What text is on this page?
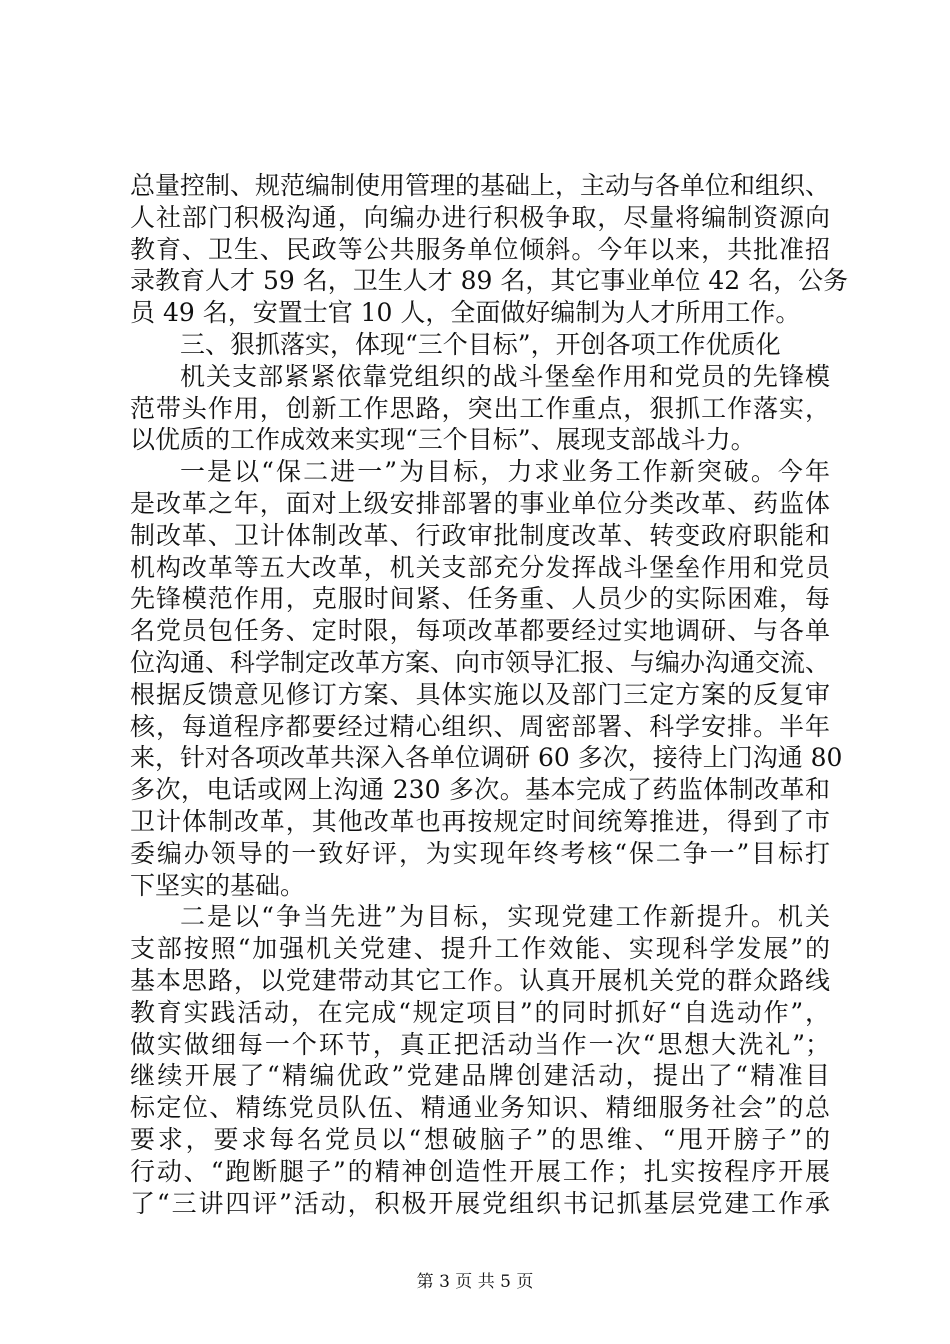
总量控制、规范编制使用管理的基础上，主动与各单位和组织、
人社部门积极沟通，向编办进行积极争取，尽量将编制资源向
教育、卫生、民政等公共服务单位倾斜。今年以来，共批准招
录教育人才 59 名，卫生人才 89 名，其它事业单位 42 名，公务
员 49 名，安置士官 10 人，全面做好编制为人才所用工作。
三、狠抓落实，体现“三个目标”，开创各项工作优质化
机关支部紧紧依靠党组织的战斗堡垒作用和党员的先锋模
范带头作用，创新工作思路，突出工作重点，狠抓工作落实，
以优质的工作成效来实现“三个目标”、展现支部战斗力。
一是以“保二进一”为目标，力求业务工作新突破。今年
是改革之年，面对上级安排部署的事业单位分类改革、药监体
制改革、卫计体制改革、行政审批制度改革、转变政府职能和
机构改革等五大改革，机关支部充分发挥战斗堡垒作用和党员
先锋模范作用，克服时间紧、任务重、人员少的实际困难，每
名党员包任务、定时限，每项改革都要经过实地调研、与各单
位沟通、科学制定改革方案、向市领导汇报、与编办沟通交流、
根据反馈意见修订方案、具体实施以及部门三定方案的反复审
核，每道程序都要经过精心组织、周密部署、科学安排。半年
来，针对各项改革共深入各单位调研 60 多次，接待上门沟通 80
多次，电话或网上沟通 230 多次。基本完成了药监体制改革和
卫计体制改革，其他改革也再按规定时间统筹推进，得到了市
委编办领导的一致好评，为实现年终考核“保二争一”目标打
下坚实的基础。
二是以“争当先进”为目标，实现党建工作新提升。机关
支部按照“加强机关党建、提升工作效能、实现科学发展”的
基本思路，以党建带动其它工作。认真开展机关党的群众路线
教育实践活动，在完成“规定项目”的同时抓好“自选动作”，
做实做细每一个环节，真正把活动当作一次“思想大洗礼”；
继续开展了“精编优政”党建品牌创建活动，提出了“精准目
标定位、精练党员队伍、精通业务知识、精细服务社会”的总
要求，要求每名党员以“想破脑子”的思维、“甩开膀子”的
行动、“跑断腿子”的精神创造性开展工作；扎实按程序开展
了“三讲四评”活动，积极开展党组织书记抓基层党建工作承
第 3 页 共 5 页
